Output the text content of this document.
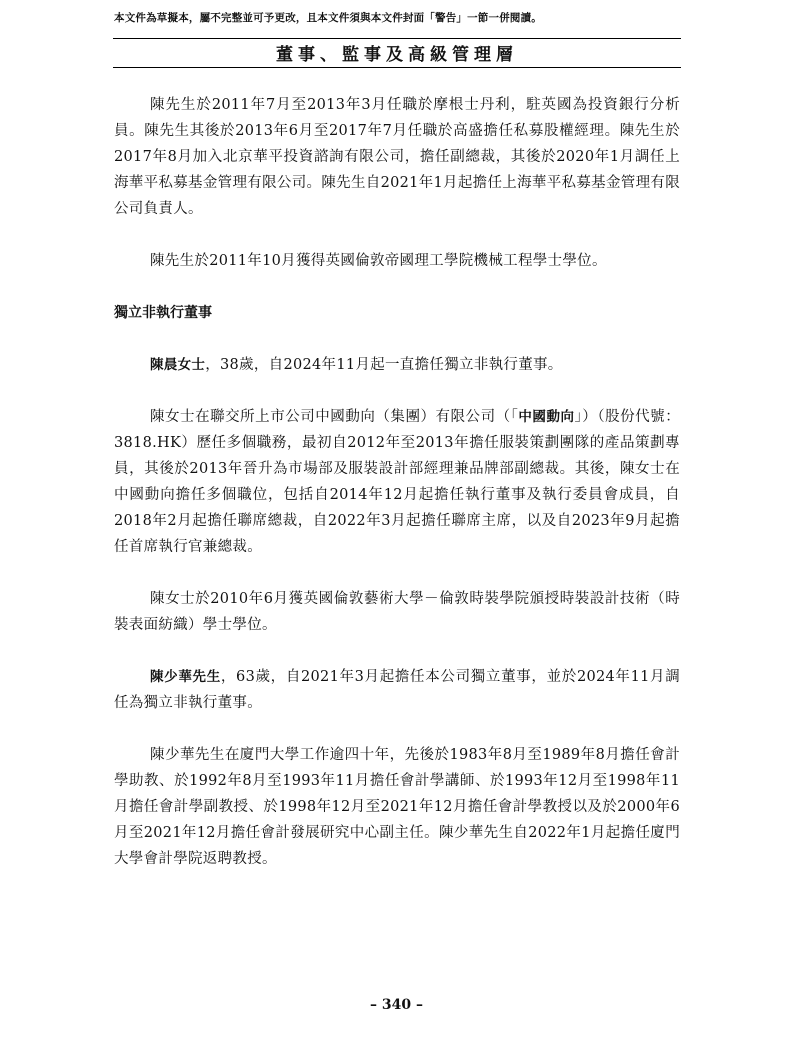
本文件為草擬本，屬不完整並可予更改，且本文件須與本文件封面「警告」一節一併閱讀。
董事、監事及高級管理層

陳先生於2011年7月至2013年3月任職於摩根士丹利，駐英國為投資銀行分析員。陳先生其後於2013年6月至2017年7月任職於高盛擔任私募股權經理。陳先生於2017年8月加入北京華平投資諮詢有限公司，擔任副總裁，其後於2020年1月調任上海華平私募基金管理有限公司。陳先生自2021年1月起擔任上海華平私募基金管理有限公司負責人。

陳先生於2011年10月獲得英國倫敦帝國理工學院機械工程學士學位。

獨立非執行董事

陳晨女士，38歲，自2024年11月起一直擔任獨立非執行董事。

陳女士在聯交所上市公司中國動向（集團）有限公司（「中國動向」）（股份代號：3818.HK）歷任多個職務，最初自2012年至2013年擔任服裝策劃團隊的產品策劃專員，其後於2013年晉升為市場部及服裝設計部經理兼品牌部副總裁。其後，陳女士在中國動向擔任多個職位，包括自2014年12月起擔任執行董事及執行委員會成員，自2018年2月起擔任聯席總裁，自2022年3月起擔任聯席主席，以及自2023年9月起擔任首席執行官兼總裁。

陳女士於2010年6月獲英國倫敦藝術大學－倫敦時裝學院頒授時裝設計技術（時裝表面紡織）學士學位。

陳少華先生，63歲，自2021年3月起擔任本公司獨立董事，並於2024年11月調任為獨立非執行董事。

陳少華先生在廈門大學工作逾四十年，先後於1983年8月至1989年8月擔任會計學助教、於1992年8月至1993年11月擔任會計學講師、於1993年12月至1998年11月擔任會計學副教授、於1998年12月至2021年12月擔任會計學教授以及於2000年6月至2021年12月擔任會計發展研究中心副主任。陳少華先生自2022年1月起擔任廈門大學會計學院返聘教授。

– 340 –
